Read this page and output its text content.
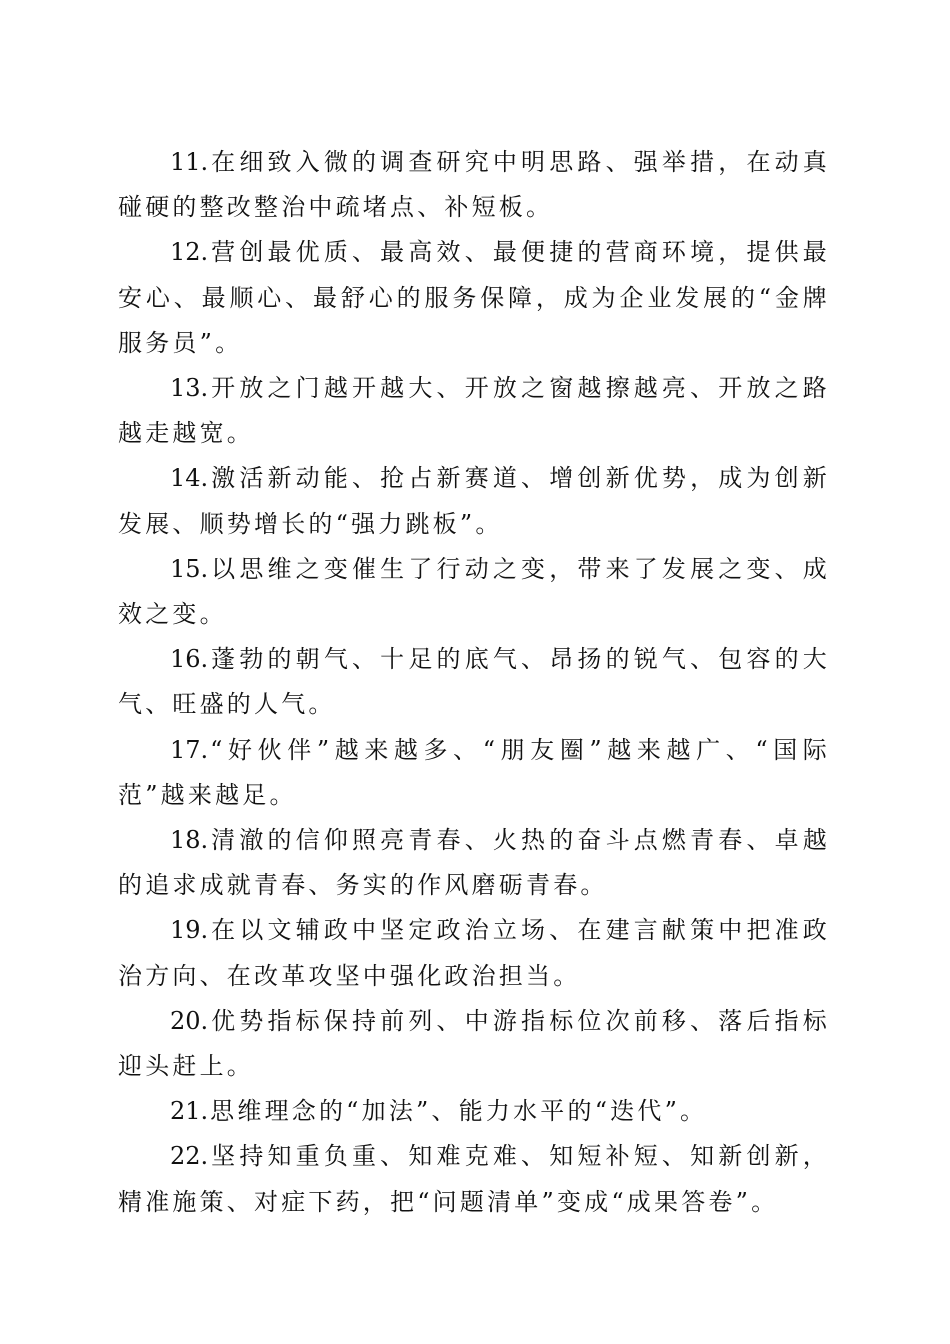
11.在细致入微的调查研究中明思路、强举措，在动真碰硬的整改整治中疏堵点、补短板。

12.营创最优质、最高效、最便捷的营商环境，提供最安心、最顺心、最舒心的服务保障，成为企业发展的“金牌服务员”。

13.开放之门越开越大、开放之窗越擦越亮、开放之路越走越宽。

14.激活新动能、抢占新赛道、增创新优势，成为创新发展、顺势增长的“强力跳板”。

15.以思维之变催生了行动之变，带来了发展之变、成效之变。

16.蓬勃的朝气、十足的底气、昂扬的锐气、包容的大气、旺盛的人气。

17.“好伙伴”越来越多、“朋友圈”越来越广、“国际范”越来越足。

18.清澈的信仰照亮青春、火热的奋斗点燃青春、卓越的追求成就青春、务实的作风磨砺青春。

19.在以文辅政中坚定政治立场、在建言献策中把准政治方向、在改革攻坚中强化政治担当。

20.优势指标保持前列、中游指标位次前移、落后指标迎头赶上。

21.思维理念的“加法”、能力水平的“迭代”。

22.坚持知重负重、知难克难、知短补短、知新创新，精准施策、对症下药，把“问题清单”变成“成果答卷”。
